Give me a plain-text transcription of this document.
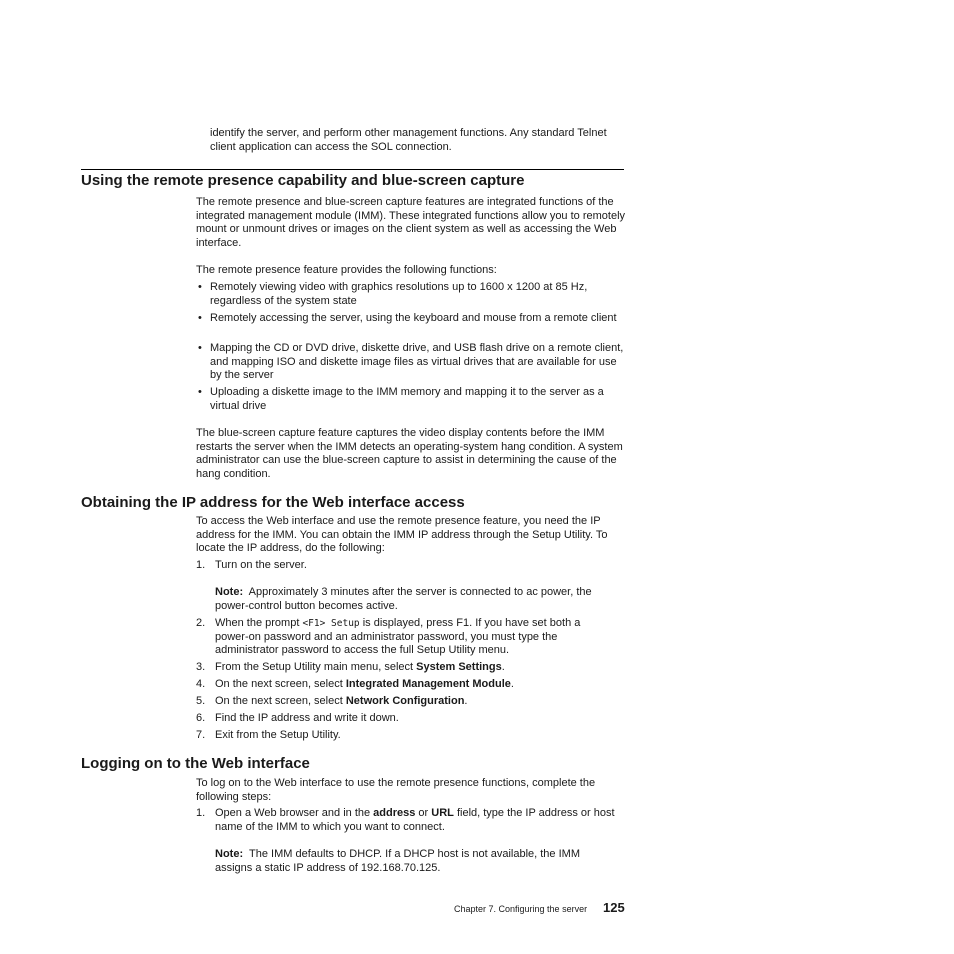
identify the server, and perform other management functions. Any standard Telnet client application can access the SOL connection.

Using the remote presence capability and blue-screen capture

The remote presence and blue-screen capture features are integrated functions of the integrated management module (IMM). These integrated functions allow you to remotely mount or unmount drives or images on the client system as well as accessing the Web interface.

The remote presence feature provides the following functions:

• Remotely viewing video with graphics resolutions up to 1600 x 1200 at 85 Hz, regardless of the system state

• Remotely accessing the server, using the keyboard and mouse from a remote client

• Mapping the CD or DVD drive, diskette drive, and USB flash drive on a remote client, and mapping ISO and diskette image files as virtual drives that are available for use by the server

• Uploading a diskette image to the IMM memory and mapping it to the server as a virtual drive

The blue-screen capture feature captures the video display contents before the IMM restarts the server when the IMM detects an operating-system hang condition. A system administrator can use the blue-screen capture to assist in determining the cause of the hang condition.

Obtaining the IP address for the Web interface access

To access the Web interface and use the remote presence feature, you need the IP address for the IMM. You can obtain the IMM IP address through the Setup Utility. To locate the IP address, do the following:

1. Turn on the server.

Note: Approximately 3 minutes after the server is connected to ac power, the power-control button becomes active.

2. When the prompt <F1> Setup is displayed, press F1. If you have set both a power-on password and an administrator password, you must type the administrator password to access the full Setup Utility menu.

3. From the Setup Utility main menu, select System Settings.

4. On the next screen, select Integrated Management Module.

5. On the next screen, select Network Configuration.

6. Find the IP address and write it down.

7. Exit from the Setup Utility.

Logging on to the Web interface

To log on to the Web interface to use the remote presence functions, complete the following steps:

1. Open a Web browser and in the address or URL field, type the IP address or host name of the IMM to which you want to connect.

Note: The IMM defaults to DHCP. If a DHCP host is not available, the IMM assigns a static IP address of 192.168.70.125.

Chapter 7. Configuring the server 125
